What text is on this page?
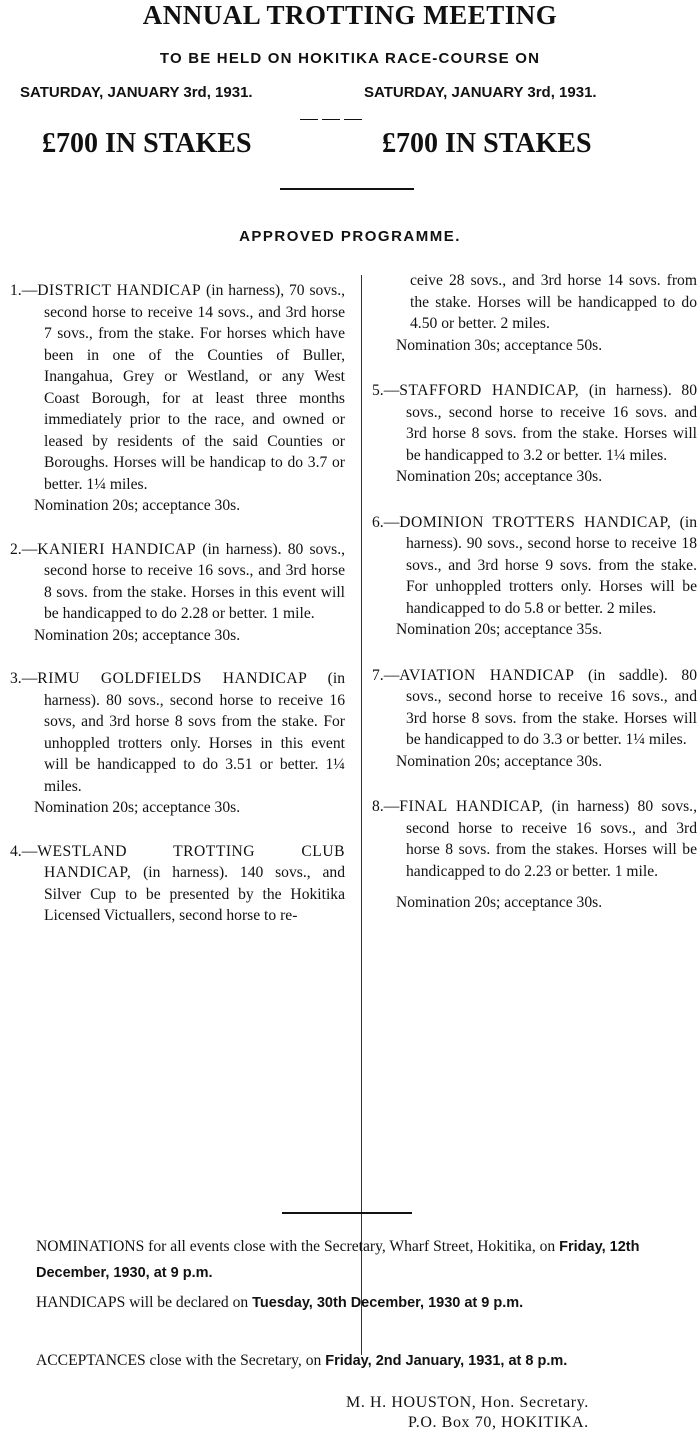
ANNUAL TROTTING MEETING
TO BE HELD ON HOKITIKA RACE-COURSE ON
SATURDAY, JANUARY 3rd, 1931.	SATURDAY, JANUARY 3rd, 1931.
£700 IN STAKES	£700 IN STAKES
APPROVED PROGRAMME.

1.—DISTRICT HANDICAP (in harness), 70 sovs., second horse to receive 14 sovs., and 3rd horse 7 sovs., from the stake. For horses which have been in one of the Counties of Buller, Inangahua, Grey or Westland, or any West Coast Borough, for at least three months immediately prior to the race, and owned or leased by residents of the said Counties or Boroughs. Horses will be handicap to do 3.7 or better. 1¼ miles.

Nomination 20s; acceptance 30s.

2.—KANIERI HANDICAP (in harness). 80 sovs., second horse to receive 16 sovs., and 3rd horse 8 sovs. from the stake. Horses in this event will be handicapped to do 2.28 or better. 1 mile.

Nomination 20s; acceptance 30s.

3.—RIMU GOLDFIELDS HANDICAP (in harness). 80 sovs., second horse to receive 16 sovs, and 3rd horse 8 sovs from the stake. For unhoppled trotters only. Horses in this event will be handicapped to do 3.51 or better. 1¼ miles.

Nomination 20s; acceptance 30s.

4.—WESTLAND TROTTING CLUB HANDICAP, (in harness). 140 sovs., and Silver Cup to be presented by the Hokitika Licensed Victuallers, second horse to re-

ceive 28 sovs., and 3rd horse 14 sovs. from the stake. Horses will be handicapped to do 4.50 or better. 2 miles.

Nomination 30s; acceptance 50s.

5.—STAFFORD HANDICAP, (in harness). 80 sovs., second horse to receive 16 sovs. and 3rd horse 8 sovs. from the stake. Horses will be handicapped to 3.2 or better. 1¼ miles.

Nomination 20s; acceptance 30s.

6.—DOMINION TROTTERS HANDICAP, (in harness). 90 sovs., second horse to receive 18 sovs., and 3rd horse 9 sovs. from the stake. For unhoppled trotters only. Horses will be handicapped to do 5.8 or better. 2 miles.

Nomination 20s; acceptance 35s.

7.—AVIATION HANDICAP (in saddle). 80 sovs., second horse to receive 16 sovs., and 3rd horse 8 sovs. from the stake. Horses will be handicapped to do 3.3 or better. 1¼ miles.

Nomination 20s; acceptance 30s.

8.—FINAL HANDICAP, (in harness) 80 sovs., second horse to receive 16 sovs., and 3rd horse 8 sovs. from the stakes. Horses will be handicapped to do 2.23 or better. 1 mile.

Nomination 20s; acceptance 30s.

NOMINATIONS for all events close with the Secretary, Wharf Street, Hokitika, on Friday, 12th December, 1930, at 9 p.m.

HANDICAPS will be declared on Tuesday, 30th December, 1930 at 9 p.m.

ACCEPTANCES close with the Secretary, on Friday, 2nd January, 1931, at 8 p.m.

M. H. HOUSTON, Hon. Secretary.
P.O. Box 70, HOKITIKA.
